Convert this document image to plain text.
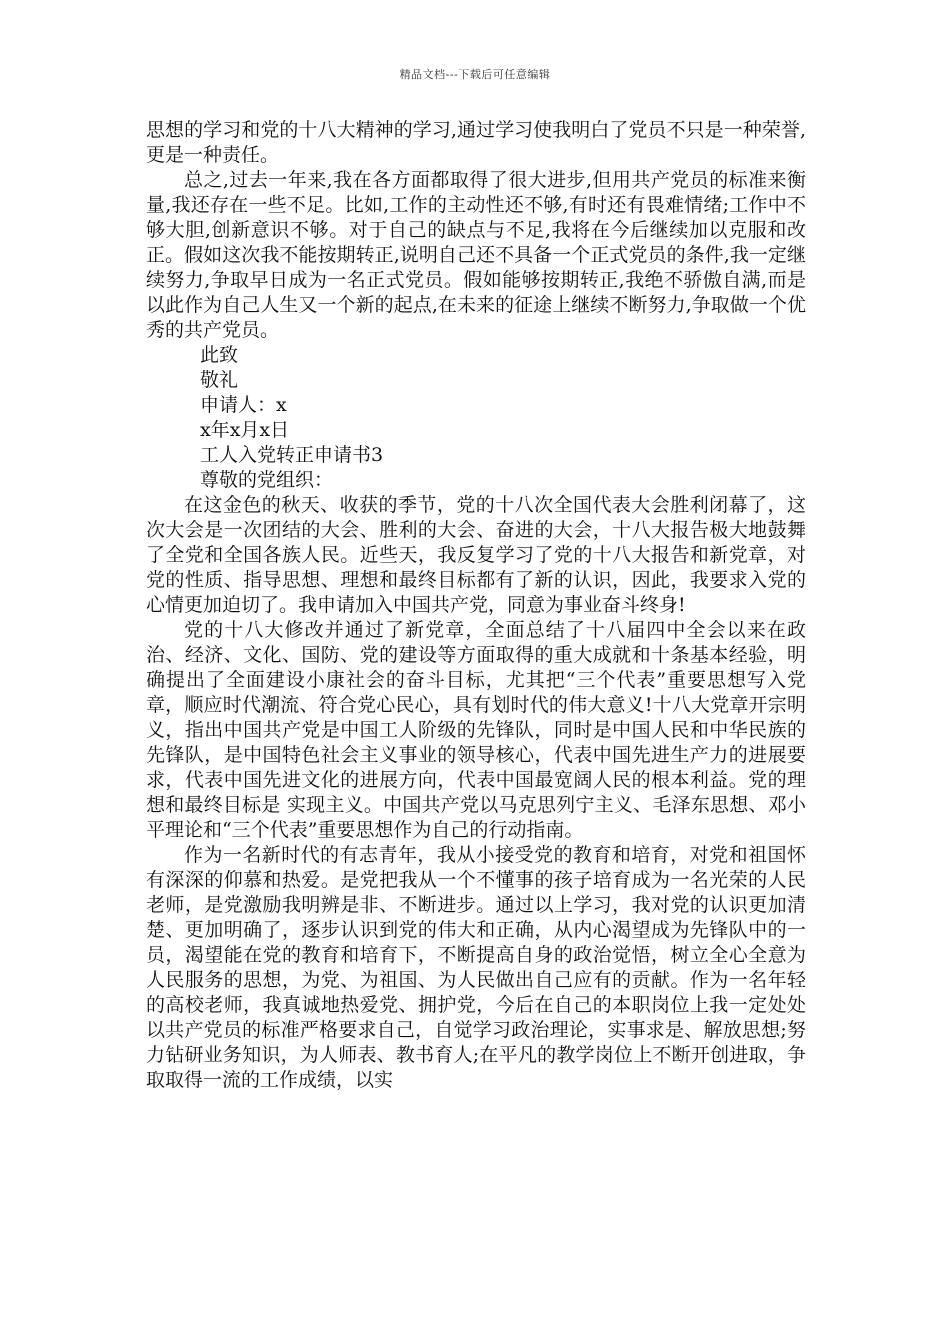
精品文档---下载后可任意编辑

思想的学习和党的十八大精神的学习,通过学习使我明白了党员不只是一种荣誉,更是一种责任。

总之,过去一年来,我在各方面都取得了很大进步,但用共产党员的标准来衡量,我还存在一些不足。比如,工作的主动性还不够,有时还有畏难情绪;工作中不够大胆,创新意识不够。对于自己的缺点与不足,我将在今后继续加以克服和改正。假如这次我不能按期转正,说明自己还不具备一个正式党员的条件,我一定继续努力,争取早日成为一名正式党员。假如能够按期转正,我绝不骄傲自满,而是以此作为自己人生又一个新的起点,在未来的征途上继续不断努力,争取做一个优秀的共产党员。

此致

敬礼

申请人：x

x年x月x日

工人入党转正申请书3

尊敬的党组织：

在这金色的秋天、收获的季节，党的十八次全国代表大会胜利闭幕了，这次大会是一次团结的大会、胜利的大会、奋进的大会，十八大报告极大地鼓舞了全党和全国各族人民。近些天，我反复学习了党的十八大报告和新党章，对党的性质、指导思想、理想和最终目标都有了新的认识，因此，我要求入党的心情更加迫切了。我申请加入中国共产党，同意为事业奋斗终身!

党的十八大修改并通过了新党章，全面总结了十八届四中全会以来在政治、经济、文化、国防、党的建设等方面取得的重大成就和十条基本经验，明确提出了全面建设小康社会的奋斗目标，尤其把“三个代表”重要思想写入党章，顺应时代潮流、符合党心民心，具有划时代的伟大意义!十八大党章开宗明义，指出中国共产党是中国工人阶级的先锋队，同时是中国人民和中华民族的先锋队，是中国特色社会主义事业的领导核心，代表中国先进生产力的进展要求，代表中国先进文化的进展方向，代表中国最宽阔人民的根本利益。党的理想和最终目标是 实现主义。中国共产党以马克思列宁主义、毛泽东思想、邓小平理论和“三个代表”重要思想作为自己的行动指南。

作为一名新时代的有志青年，我从小接受党的教育和培育，对党和祖国怀有深深的仰慕和热爱。是党把我从一个不懂事的孩子培育成为一名光荣的人民老师，是党激励我明辨是非、不断进步。通过以上学习，我对党的认识更加清楚、更加明确了，逐步认识到党的伟大和正确，从内心渴望成为先锋队中的一员，渴望能在党的教育和培育下，不断提高自身的政治觉悟，树立全心全意为人民服务的思想，为党、为祖国、为人民做出自己应有的贡献。作为一名年轻的高校老师，我真诚地热爱党、拥护党，今后在自己的本职岗位上我一定处处以共产党员的标准严格要求自己，自觉学习政治理论，实事求是、解放思想;努力钻研业务知识，为人师表、教书育人;在平凡的教学岗位上不断开创进取，争取取得一流的工作成绩，以实
